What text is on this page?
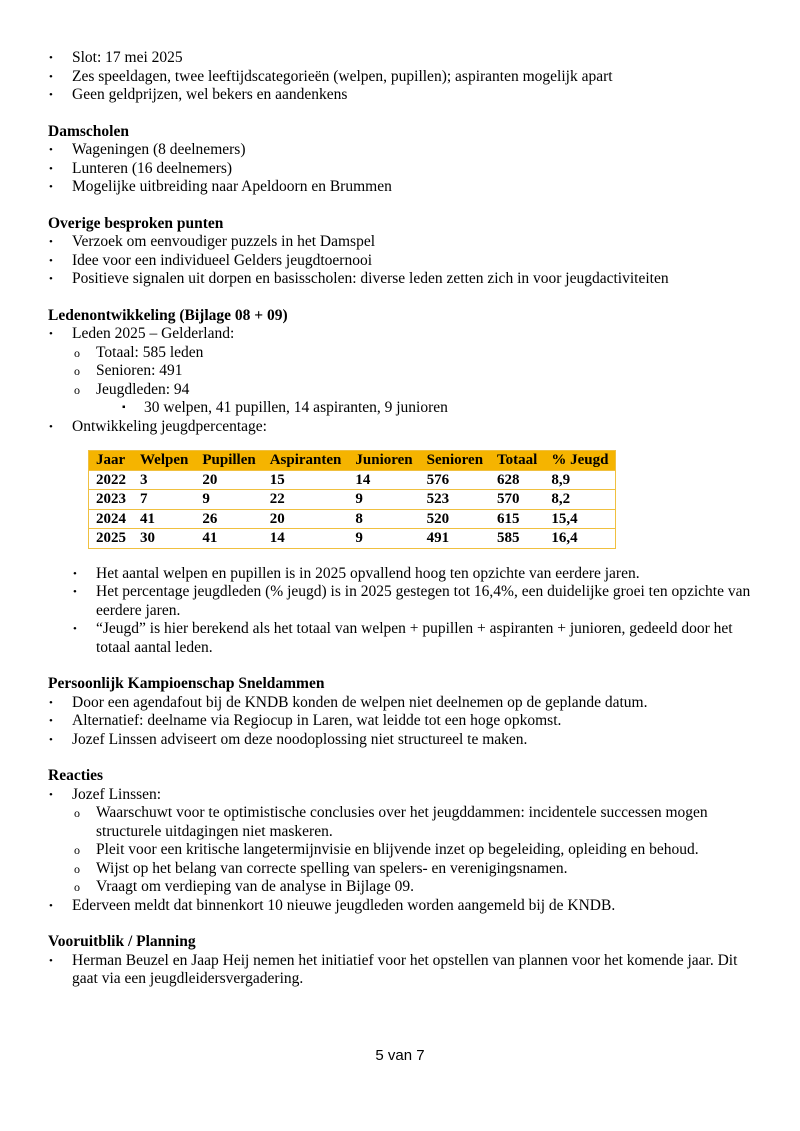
• Slot: 17 mei 2025
• Zes speeldagen, twee leeftijdscategorieën (welpen, pupillen); aspiranten mogelijk apart
• Geen geldprijzen, wel bekers en aandenkens
Damscholen
• Wageningen (8 deelnemers)
• Lunteren (16 deelnemers)
• Mogelijke uitbreiding naar Apeldoorn en Brummen
Overige besproken punten
• Verzoek om eenvoudiger puzzels in het Damspel
• Idee voor een individueel Gelders jeugdtoernooi
• Positieve signalen uit dorpen en basisscholen: diverse leden zetten zich in voor jeugdactiviteiten
Ledenontwikkeling (Bijlage 08 + 09)
• Leden 2025 – Gelderland:
o Totaal: 585 leden
o Senioren: 491
o Jeugdleden: 94
▪ 30 welpen, 41 pupillen, 14 aspiranten, 9 junioren
• Ontwikkeling jeugdpercentage:
Jaar	Welpen	Pupillen	Aspiranten	Junioren	Senioren	Totaal	% Jeugd
2022	3	20	15	14	576	628	8,9
2023	7	9	22	9	523	570	8,2
2024	41	26	20	8	520	615	15,4
2025	30	41	14	9	491	585	16,4
• Het aantal welpen en pupillen is in 2025 opvallend hoog ten opzichte van eerdere jaren.
• Het percentage jeugdleden (% jeugd) is in 2025 gestegen tot 16,4%, een duidelijke groei ten opzichte van eerdere jaren.
• “Jeugd” is hier berekend als het totaal van welpen + pupillen + aspiranten + junioren, gedeeld door het totaal aantal leden.
Persoonlijk Kampioenschap Sneldammen
• Door een agendafout bij de KNDB konden de welpen niet deelnemen op de geplande datum.
• Alternatief: deelname via Regiocup in Laren, wat leidde tot een hoge opkomst.
• Jozef Linssen adviseert om deze noodoplossing niet structureel te maken.
Reacties
• Jozef Linssen:
o Waarschuwt voor te optimistische conclusies over het jeugddammen: incidentele successen mogen structurele uitdagingen niet maskeren.
o Pleit voor een kritische langetermijnvisie en blijvende inzet op begeleiding, opleiding en behoud.
o Wijst op het belang van correcte spelling van spelers- en verenigingsnamen.
o Vraagt om verdieping van de analyse in Bijlage 09.
• Ederveen meldt dat binnenkort 10 nieuwe jeugdleden worden aangemeld bij de KNDB.
Vooruitblik / Planning
• Herman Beuzel en Jaap Heij nemen het initiatief voor het opstellen van plannen voor het komende jaar. Dit gaat via een jeugdleidersvergadering.
5 van 7
